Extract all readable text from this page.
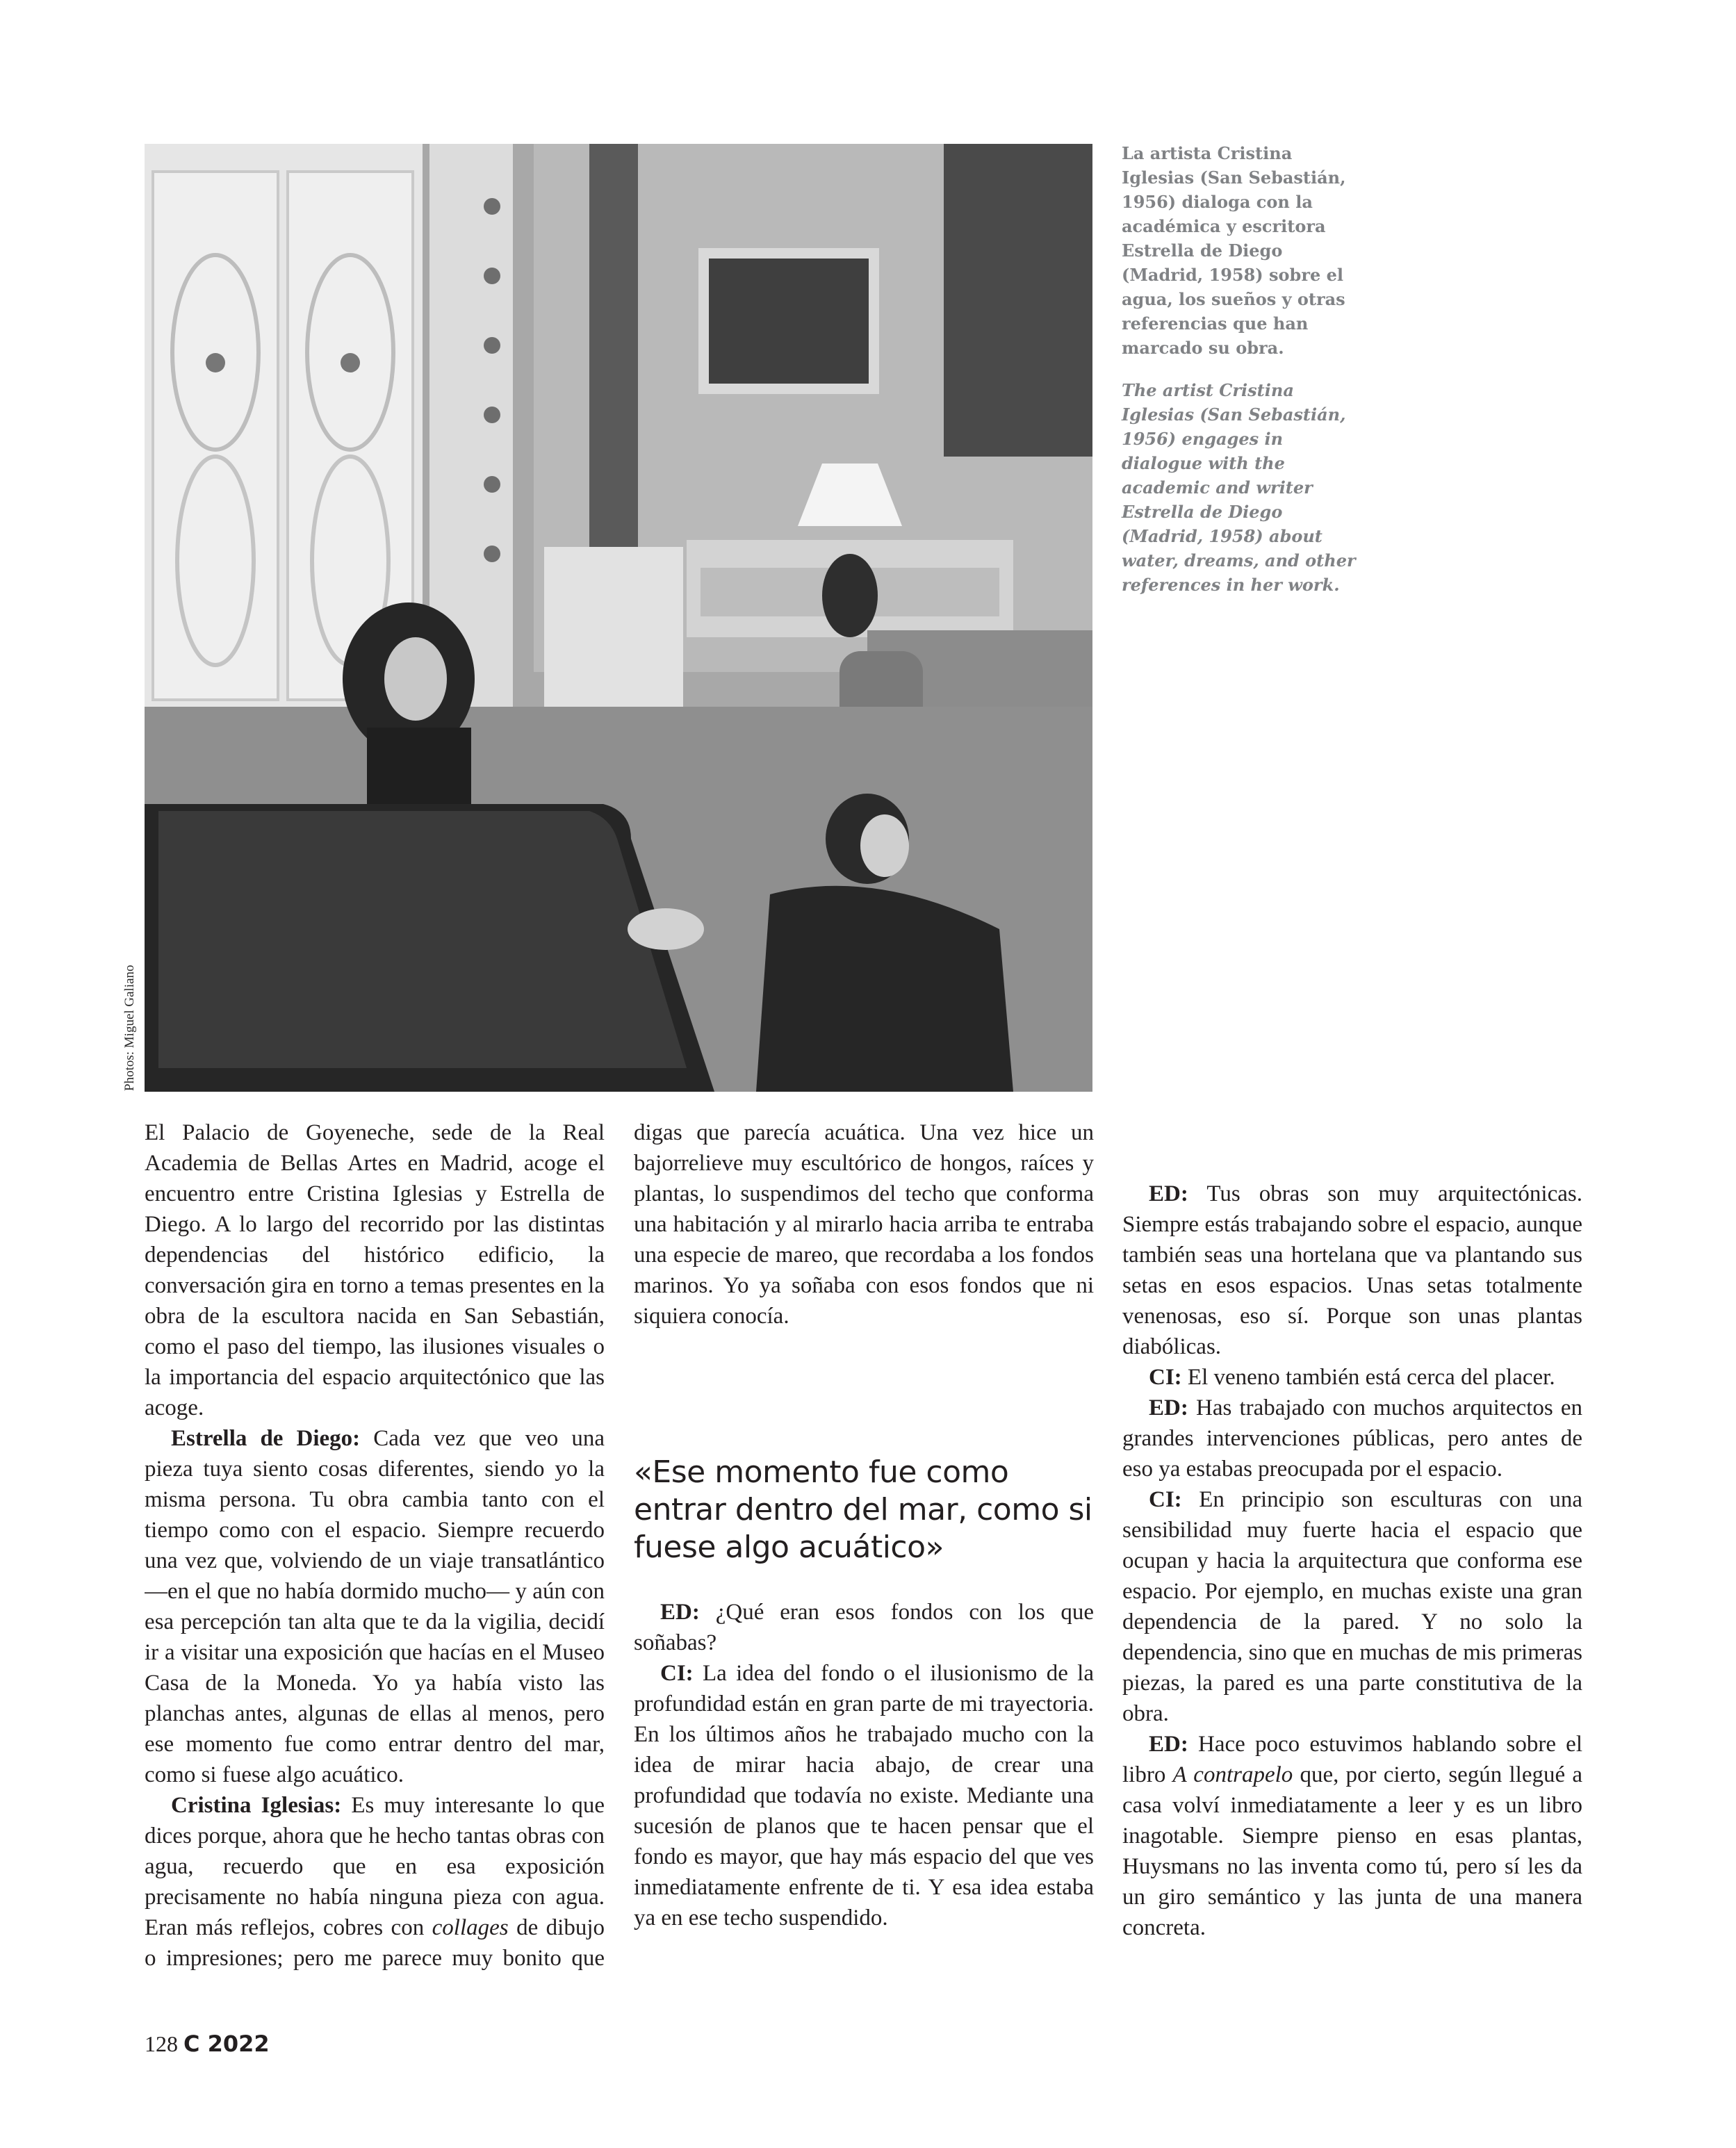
Photos: Miguel Galiano

La artista Cristina Iglesias (San Sebastián, 1956) dialoga con la académica y escritora Estrella de Diego (Madrid, 1958) sobre el agua, los sueños y otras referencias que han marcado su obra.

The artist Cristina Iglesias (San Sebastián, 1956) engages in dialogue with the academic and writer Estrella de Diego (Madrid, 1958) about water, dreams, and other references in her work.

El Palacio de Goyeneche, sede de la Real Academia de Bellas Artes en Madrid, acoge el encuentro entre Cristina Iglesias y Estrella de Diego. A lo largo del recorrido por las distintas dependencias del histórico edificio, la conversación gira en torno a temas presentes en la obra de la escultora nacida en San Sebastián, como el paso del tiempo, las ilusiones visuales o la importancia del espacio arquitectónico que las acoge.

Estrella de Diego: Cada vez que veo una pieza tuya siento cosas diferentes, siendo yo la misma persona. Tu obra cambia tanto con el tiempo como con el espacio. Siempre recuerdo una vez que, volviendo de un viaje transatlántico —en el que no había dormido mucho— y aún con esa percepción tan alta que te da la vigilia, decidí ir a visitar una exposición que hacías en el Museo Casa de la Moneda. Yo ya había visto las planchas antes, algunas de ellas al menos, pero ese momento fue como entrar dentro del mar, como si fuese algo acuático.

Cristina Iglesias: Es muy interesante lo que dices porque, ahora que he hecho tantas obras con agua, recuerdo que en esa exposición precisamente no había ninguna pieza con agua. Eran más reflejos, cobres con collages de dibujo o impresiones; pero me parece muy bonito que

digas que parecía acuática. Una vez hice un bajorrelieve muy escultórico de hongos, raíces y plantas, lo suspendimos del techo que conforma una habitación y al mirarlo hacia arriba te entraba una especie de mareo, que recordaba a los fondos marinos. Yo ya soñaba con esos fondos que ni siquiera conocía.

«Ese momento fue como entrar dentro del mar, como si fuese algo acuático»

ED: ¿Qué eran esos fondos con los que soñabas?

CI: La idea del fondo o el ilusionismo de la profundidad están en gran parte de mi trayectoria. En los últimos años he trabajado mucho con la idea de mirar hacia abajo, de crear una profundidad que todavía no existe. Mediante una sucesión de planos que te hacen pensar que el fondo es mayor, que hay más espacio del que ves inmediatamente enfrente de ti. Y esa idea estaba ya en ese techo suspendido.

ED: Tus obras son muy arquitectónicas. Siempre estás trabajando sobre el espacio, aunque también seas una hortelana que va plantando sus setas en esos espacios. Unas setas totalmente venenosas, eso sí. Porque son unas plantas diabólicas.

CI: El veneno también está cerca del placer.

ED: Has trabajado con muchos arquitectos en grandes intervenciones públicas, pero antes de eso ya estabas preocupada por el espacio.

CI: En principio son esculturas con una sensibilidad muy fuerte hacia el espacio que ocupan y hacia la arquitectura que conforma ese espacio. Por ejemplo, en muchas existe una gran dependencia de la pared. Y no solo la dependencia, sino que en muchas de mis primeras piezas, la pared es una parte constitutiva de la obra.

ED: Hace poco estuvimos hablando sobre el libro A contrapelo que, por cierto, según llegué a casa volví inmediatamente a leer y es un libro inagotable. Siempre pienso en esas plantas, Huysmans no las inventa como tú, pero sí les da un giro semántico y las junta de una manera concreta.

128 C 2022
